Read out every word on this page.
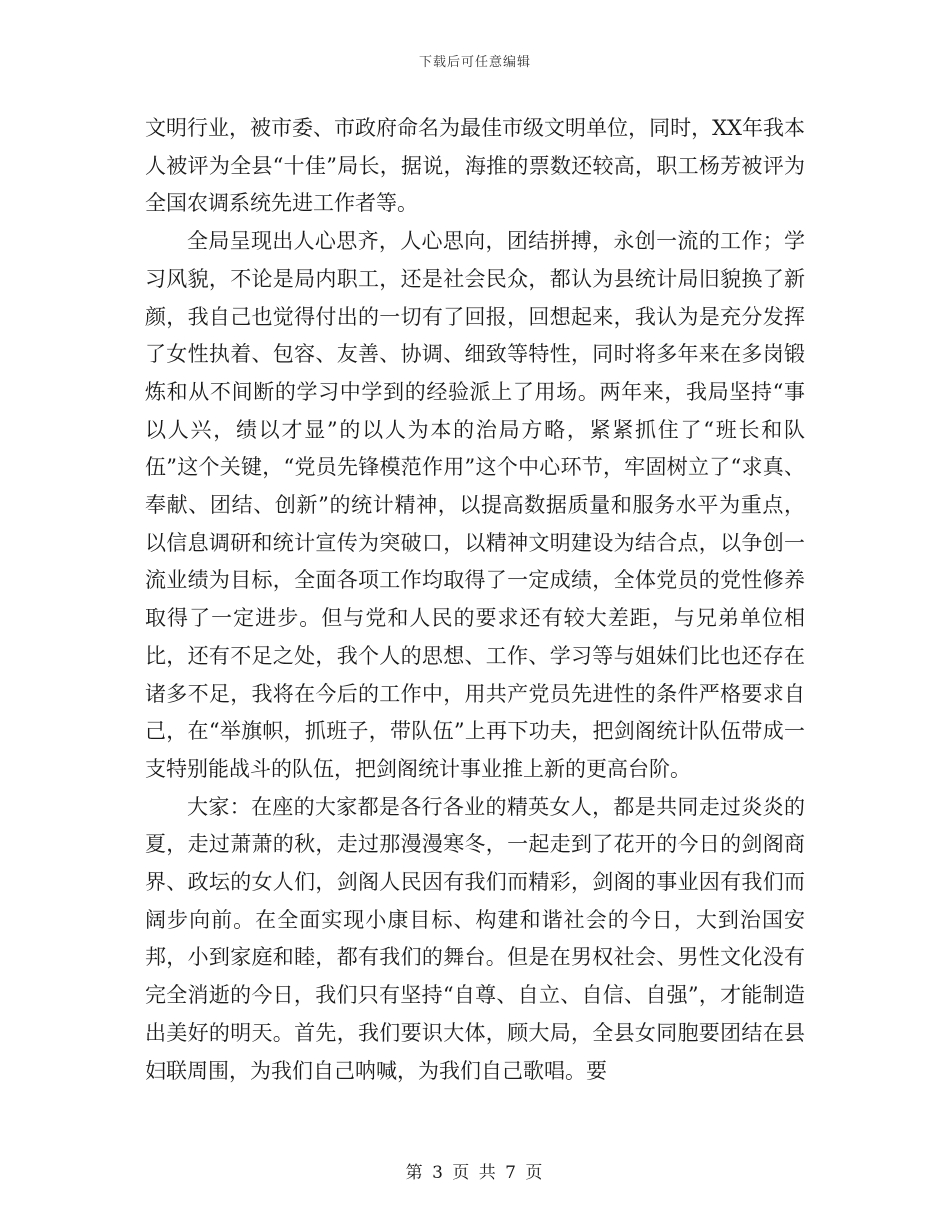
下载后可任意编辑

文明行业，被市委、市政府命名为最佳市级文明单位，同时，XX年我本人被评为全县“十佳”局长，据说，海推的票数还较高，职工杨芳被评为全国农调系统先进工作者等。

全局呈现出人心思齐，人心思向，团结拼搏，永创一流的工作；学习风貌，不论是局内职工，还是社会民众，都认为县统计局旧貌换了新颜，我自己也觉得付出的一切有了回报，回想起来，我认为是充分发挥了女性执着、包容、友善、协调、细致等特性，同时将多年来在多岗锻炼和从不间断的学习中学到的经验派上了用场。两年来，我局坚持“事以人兴，绩以才显”的以人为本的治局方略，紧紧抓住了“班长和队伍”这个关键，“党员先锋模范作用”这个中心环节，牢固树立了“求真、奉献、团结、创新”的统计精神，以提高数据质量和服务水平为重点，以信息调研和统计宣传为突破口，以精神文明建设为结合点，以争创一流业绩为目标，全面各项工作均取得了一定成绩，全体党员的党性修养取得了一定进步。但与党和人民的要求还有较大差距，与兄弟单位相比，还有不足之处，我个人的思想、工作、学习等与姐妹们比也还存在诸多不足，我将在今后的工作中，用共产党员先进性的条件严格要求自己，在“举旗帜，抓班子，带队伍”上再下功夫，把剑阁统计队伍带成一支特别能战斗的队伍，把剑阁统计事业推上新的更高台阶。

大家：在座的大家都是各行各业的精英女人，都是共同走过炎炎的夏，走过萧萧的秋，走过那漫漫寒冬，一起走到了花开的今日的剑阁商界、政坛的女人们，剑阁人民因有我们而精彩，剑阁的事业因有我们而阔步向前。在全面实现小康目标、构建和谐社会的今日，大到治国安邦，小到家庭和睦，都有我们的舞台。但是在男权社会、男性文化没有完全消逝的今日，我们只有坚持“自尊、自立、自信、自强”，才能制造出美好的明天。首先，我们要识大体，顾大局，全县女同胞要团结在县妇联周围，为我们自己呐喊，为我们自己歌唱。要

第 3 页 共 7 页
